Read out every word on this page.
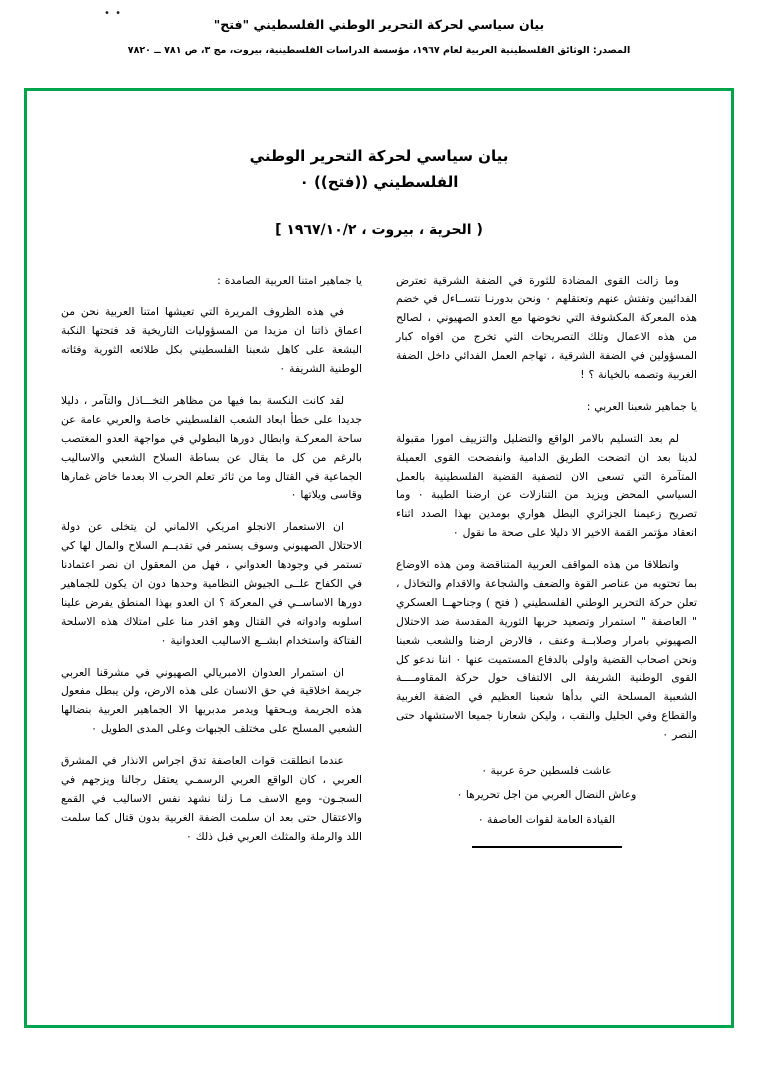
• •
بيان سياسي لحركة التحرير الوطني الفلسطيني "فتح"
المصدر: الوثائق الفلسطينية العربية لعام ١٩٦٧، مؤسسة الدراسات الفلسطينية، بيروت، مج ٣، ص ٧٨١ ــ ٧٨٢٠
بيان سياسي لحركة التحرير الوطني
الفلسطيني ((فتح)) ٠
( الحرية ، بيروت ، ١٩٦٧/١٠/٢ ]

وما زالت القوى المضادة للثورة في الضفة الشرقية تعترض الفدائيين وتفتش عنهم وتعتقلهم ٠ ونحن بدورنـا نتســاءل في خضم هذه المعركة المكشوفة التي نخوضها مع العدو الصهيوني ، لصالح من هذه الاعمال وتلك التصريحات التي تخرج من افواه كبار المسؤولين في الضفة الشرقية ، تهاجم العمل الفدائي داخل الضفة الغربية وتصمه بالخيانة ؟ !

يا جماهير شعبنا العربي :

لم بعد التسليم بالامر الواقع والتضليل والتزييف امورا مقبولة لدينا بعد ان اتضحت الطريق الدامية وانفضحت القوى العميلة المتآمرة التي تسعى الان لتصفية القضية الفلسطينية بالعمل السياسي المحض ويزيد من التنازلات عن ارضنا الطيبة ٠ وما تصريح زعيمنا الجزائري البطل هواري بومدين بهذا الصدد اثناء انعقاد مؤتمر القمة الاخير الا دليلا على صحة ما نقول ٠

وانطلاقا من هذه المواقف العربية المتناقضة ومن هذه الاوضاع بما تحتويه من عناصر القوة والضعف والشجاعة والاقدام والتخاذل ، تعلن حركة التحرير الوطني الفلسطيني ( فتح ) وجناحهــا العسكري " العاصفة " استمرار وتصعيد حربها الثورية المقدسة ضد الاحتلال الصهيوني بامرار وصلابــة وعنف ، فالارض ارضنا والشعب شعبنا ونحن اصحاب القضية واولى بالدفاع المستميت عنها ٠ اننا ندعو كل القوى الوطنية الشريفة الى الالتفاف حول حركة المقاومــــة الشعبية المسلحة التي بدأها شعبنا العظيم في الضفة الغربية والقطاع وفي الجليل والنقب ، وليكن شعارنا جميعا الاستشهاد حتى النصر ٠

عاشت فلسطين حرة عربية ٠

وعاش النضال العربي من اجل تحريرها ٠

القيادة العامة لقوات العاصفة ٠

يا جماهير امتنا العربية الصامدة :

في هذه الظروف المريرة التي تعيشها امتنا العربية نحن من اعماق ذاتنا ان مزيدا من المسؤوليات التاريخية قد فتحتها النكبة البشعة على كاهل شعبنا الفلسطيني بكل طلائعه الثورية وفئاته الوطنية الشريفة ٠

لقد كانت النكسة بما فيها من مظاهر التخـــاذل والتآمر ، دليلا جديدا على خطأ ابعاد الشعب الفلسطيني خاصة والعربي عامة عن ساحة المعركـة وابطال دورها البطولي في مواجهة العدو المغتصب بالرغم من كل ما يقال عن بساطة السلاح الشعبي والاساليب الجماعية في القتال وما من ثائر تعلم الحرب الا بعدما خاض غمارها وقاسى ويلاتها ٠

ان الاستعمار الانجلو امريكي الالماني لن يتخلى عن دولة الاحتلال الصهيوني وسوف يستمر في تقديــم السلاح والمال لها كي تستمر في وجودها العدواني ، فهل من المعقول ان نصر اعتمادنا في الكفاح علــى الجيوش النظامية وحدها دون ان يكون للجماهير دورها الاساســي في المعركة ؟ ان العدو بهذا المنطق يفرض علينا اسلوبه وادواته في القتال وهو اقدر منا على امتلاك هذه الاسلحة الفتاكة واستخدام ابشــع الاساليب العدوانية ٠

ان استمرار العدوان الامبريالي الصهيوني في مشرقنا العربي جريمة اخلاقية في حق الانسان على هذه الارض، ولن يبطل مفعول هذه الجريمة ويـحقها ويدمر مدبريها الا الجماهير العربية بنضالها الشعبي المسلح على مختلف الجبهات وعلى المدى الطويل ٠

عندما انطلقت قوات العاصفة تدق اجراس الانذار في المشرق العربي ، كان الواقع العربي الرسمـي يعتقل رجالنا ويزجهم في السجـون- ومع الاسف مـا زلنا نشهد نفس الاساليب في القمع والاعتقال حتى بعد ان سلمت الضفة الغربية بدون قتال كما سلمت اللد والرملة والمثلث العربي قبل ذلك ٠
